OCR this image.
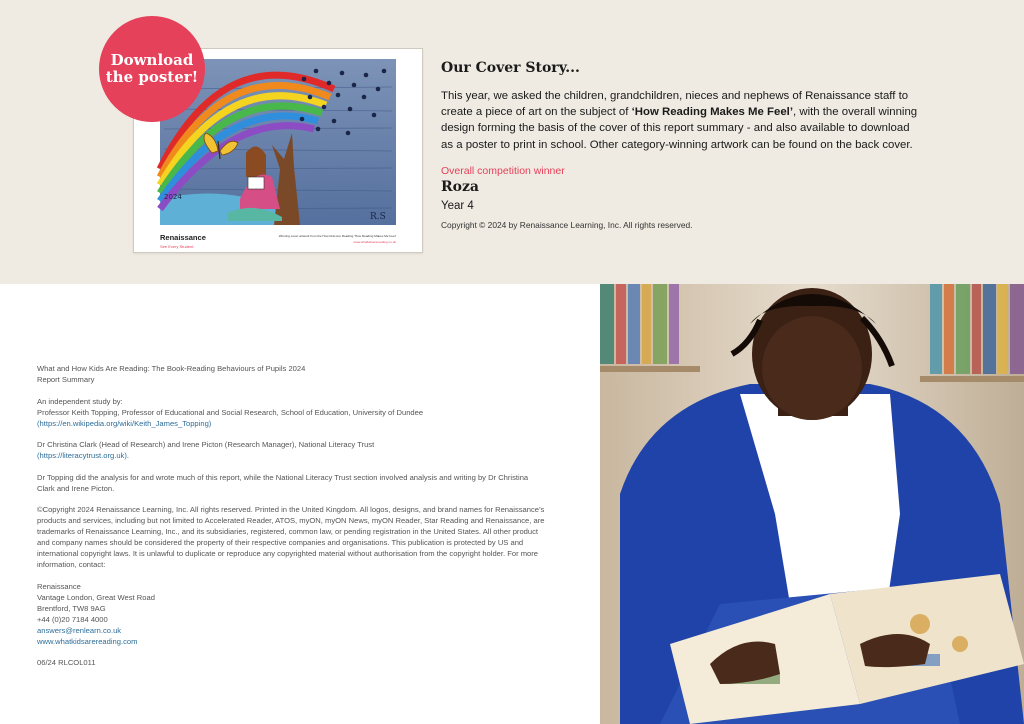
2024
R.S
Renaissance
See Every Student.
Winning cover artwork from the How Kids Are Reading 'How Reading Makes Me Feel'
www.whatkidsarereading.co.uk
Download
the poster!	Our Cover Story...
This year, we asked the children, grandchildren, nieces and nephews of Renaissance staff to create a piece of art on the subject of ‘How Reading Makes Me Feel’, with the overall winning design forming the basis of the cover of this report summary - and also available to download as a poster to print in school. Other category-winning artwork can be found on the back cover.
Overall competition winner
Roza
Year 4
Copyright © 2024 by Renaissance Learning, Inc. All rights reserved.

What and How Kids Are Reading: The Book-Reading Behaviours of Pupils 2024
Report Summary

An independent study by:
Professor Keith Topping, Professor of Educational and Social Research, School of Education, University of Dundee
(https://en.wikipedia.org/wiki/Keith_James_Topping)

Dr Christina Clark (Head of Research) and Irene Picton (Research Manager), National Literacy Trust
(https://literacytrust.org.uk).

Dr Topping did the analysis for and wrote much of this report, while the National Literacy Trust section involved analysis and writing by Dr Christina Clark and Irene Picton.

©Copyright 2024 Renaissance Learning, Inc. All rights reserved. Printed in the United Kingdom. All logos, designs, and brand names for Renaissance’s products and services, including but not limited to Accelerated Reader, ATOS, myON, myON News, myON Reader, Star Reading and Renaissance, are trademarks of Renaissance Learning, Inc., and its subsidiaries, registered, common law, or pending registration in the United States. All other product and company names should be considered the property of their respective companies and organisations. This publication is protected by US and international copyright laws. It is unlawful to duplicate or reproduce any copyrighted material without authorisation from the copyright holder. For more information, contact:

Renaissance
Vantage London, Great West Road
Brentford, TW8 9AG
+44 (0)20 7184 4000
answers@renlearn.co.uk
www.whatkidsarereading.com

06/24 RLCOL011
